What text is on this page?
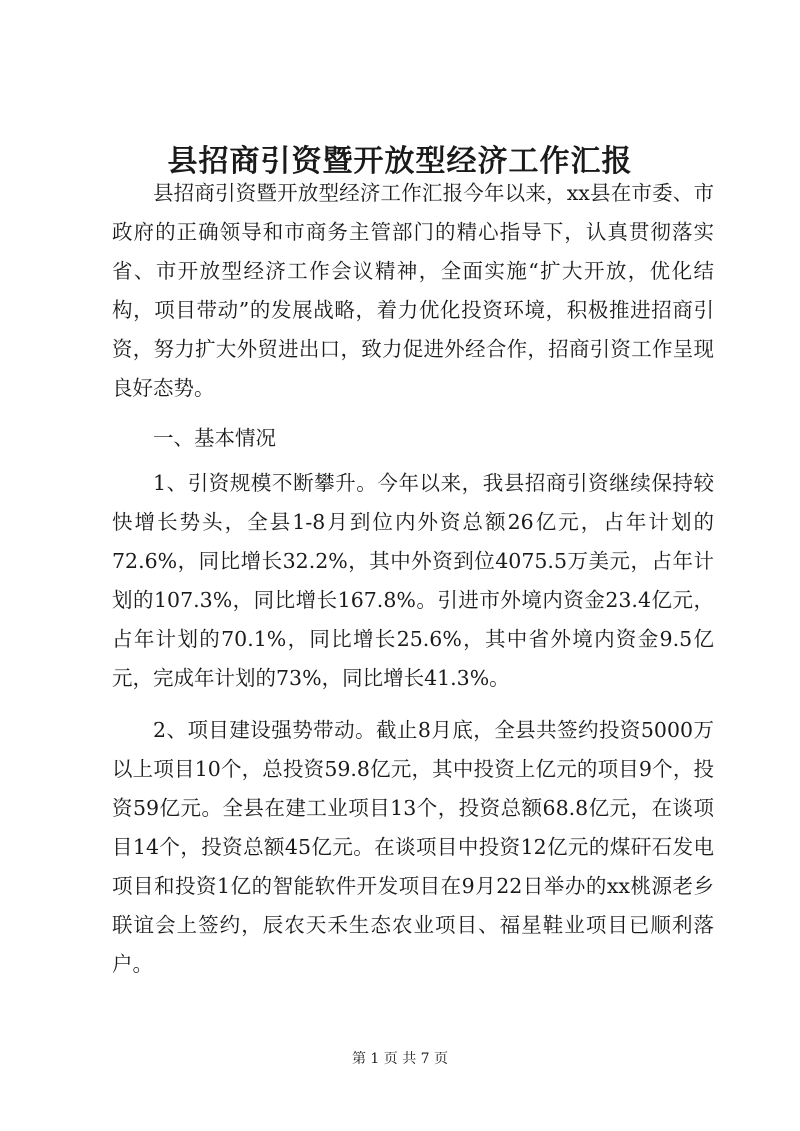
县招商引资暨开放型经济工作汇报

县招商引资暨开放型经济工作汇报今年以来，xx县在市委、市政府的正确领导和市商务主管部门的精心指导下，认真贯彻落实省、市开放型经济工作会议精神，全面实施“扩大开放，优化结构，项目带动”的发展战略，着力优化投资环境，积极推进招商引资，努力扩大外贸进出口，致力促进外经合作，招商引资工作呈现良好态势。

一、基本情况

1、引资规模不断攀升。今年以来，我县招商引资继续保持较快增长势头，全县1-8月到位内外资总额26亿元，占年计划的72.6%，同比增长32.2%，其中外资到位4075.5万美元，占年计划的107.3%，同比增长167.8%。引进市外境内资金23.4亿元，占年计划的70.1%，同比增长25.6%，其中省外境内资金9.5亿元，完成年计划的73%，同比增长41.3%。

2、项目建设强势带动。截止8月底，全县共签约投资5000万以上项目10个，总投资59.8亿元，其中投资上亿元的项目9个，投资59亿元。全县在建工业项目13个，投资总额68.8亿元，在谈项目14个，投资总额45亿元。在谈项目中投资12亿元的煤矸石发电项目和投资1亿的智能软件开发项目在9月22日举办的xx桃源老乡联谊会上签约，辰农天禾生态农业项目、福星鞋业项目已顺利落户。

第 1 页 共 7 页
